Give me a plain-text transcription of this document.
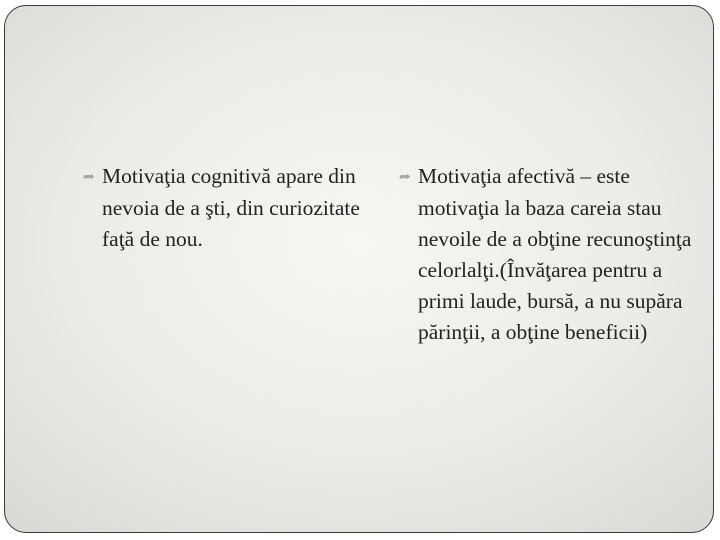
➦ Motivaţia cognitivă apare din nevoia de a şti, din curiozitate faţă de nou.

➦ Motivaţia afectivă – este motivaţia la baza careia stau nevoile de a obţine recunoştinţa celorlalţi.(Învăţarea pentru a primi laude, bursă, a nu supăra părinţii, a obţine beneficii)
